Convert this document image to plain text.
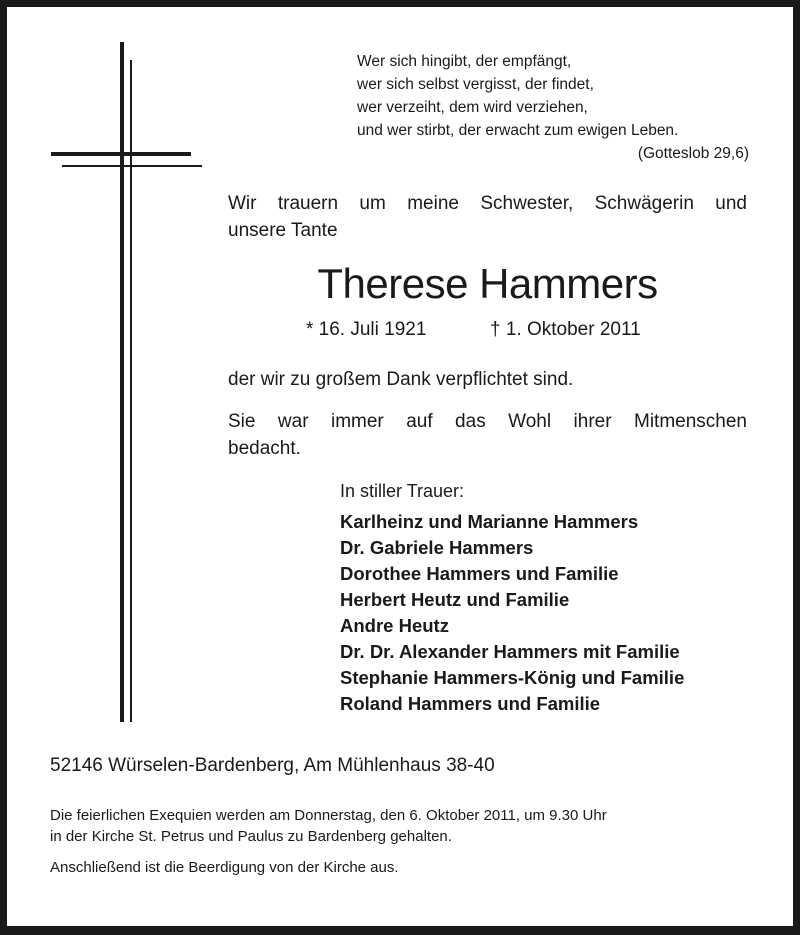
Wer sich hingibt, der empfängt,
wer sich selbst vergisst, der findet,
wer verzeiht, dem wird verziehen,
und wer stirbt, der erwacht zum ewigen Leben.
(Gotteslob 29,6)
Wir trauern um meine Schwester, Schwägerin und
unsere Tante
Therese Hammers
* 16. Juli 1921	† 1. Oktober 2011
der wir zu großem Dank verpflichtet sind.
Sie war immer auf das Wohl ihrer Mitmenschen
bedacht.
In stiller Trauer:
Karlheinz und Marianne Hammers
Dr. Gabriele Hammers
Dorothee Hammers und Familie
Herbert Heutz und Familie
Andre Heutz
Dr. Dr. Alexander Hammers mit Familie
Stephanie Hammers-König und Familie
Roland Hammers und Familie
52146 Würselen-Bardenberg, Am Mühlenhaus 38-40
Die feierlichen Exequien werden am Donnerstag, den 6. Oktober 2011, um 9.30 Uhr
in der Kirche St. Petrus und Paulus zu Bardenberg gehalten.
Anschließend ist die Beerdigung von der Kirche aus.
